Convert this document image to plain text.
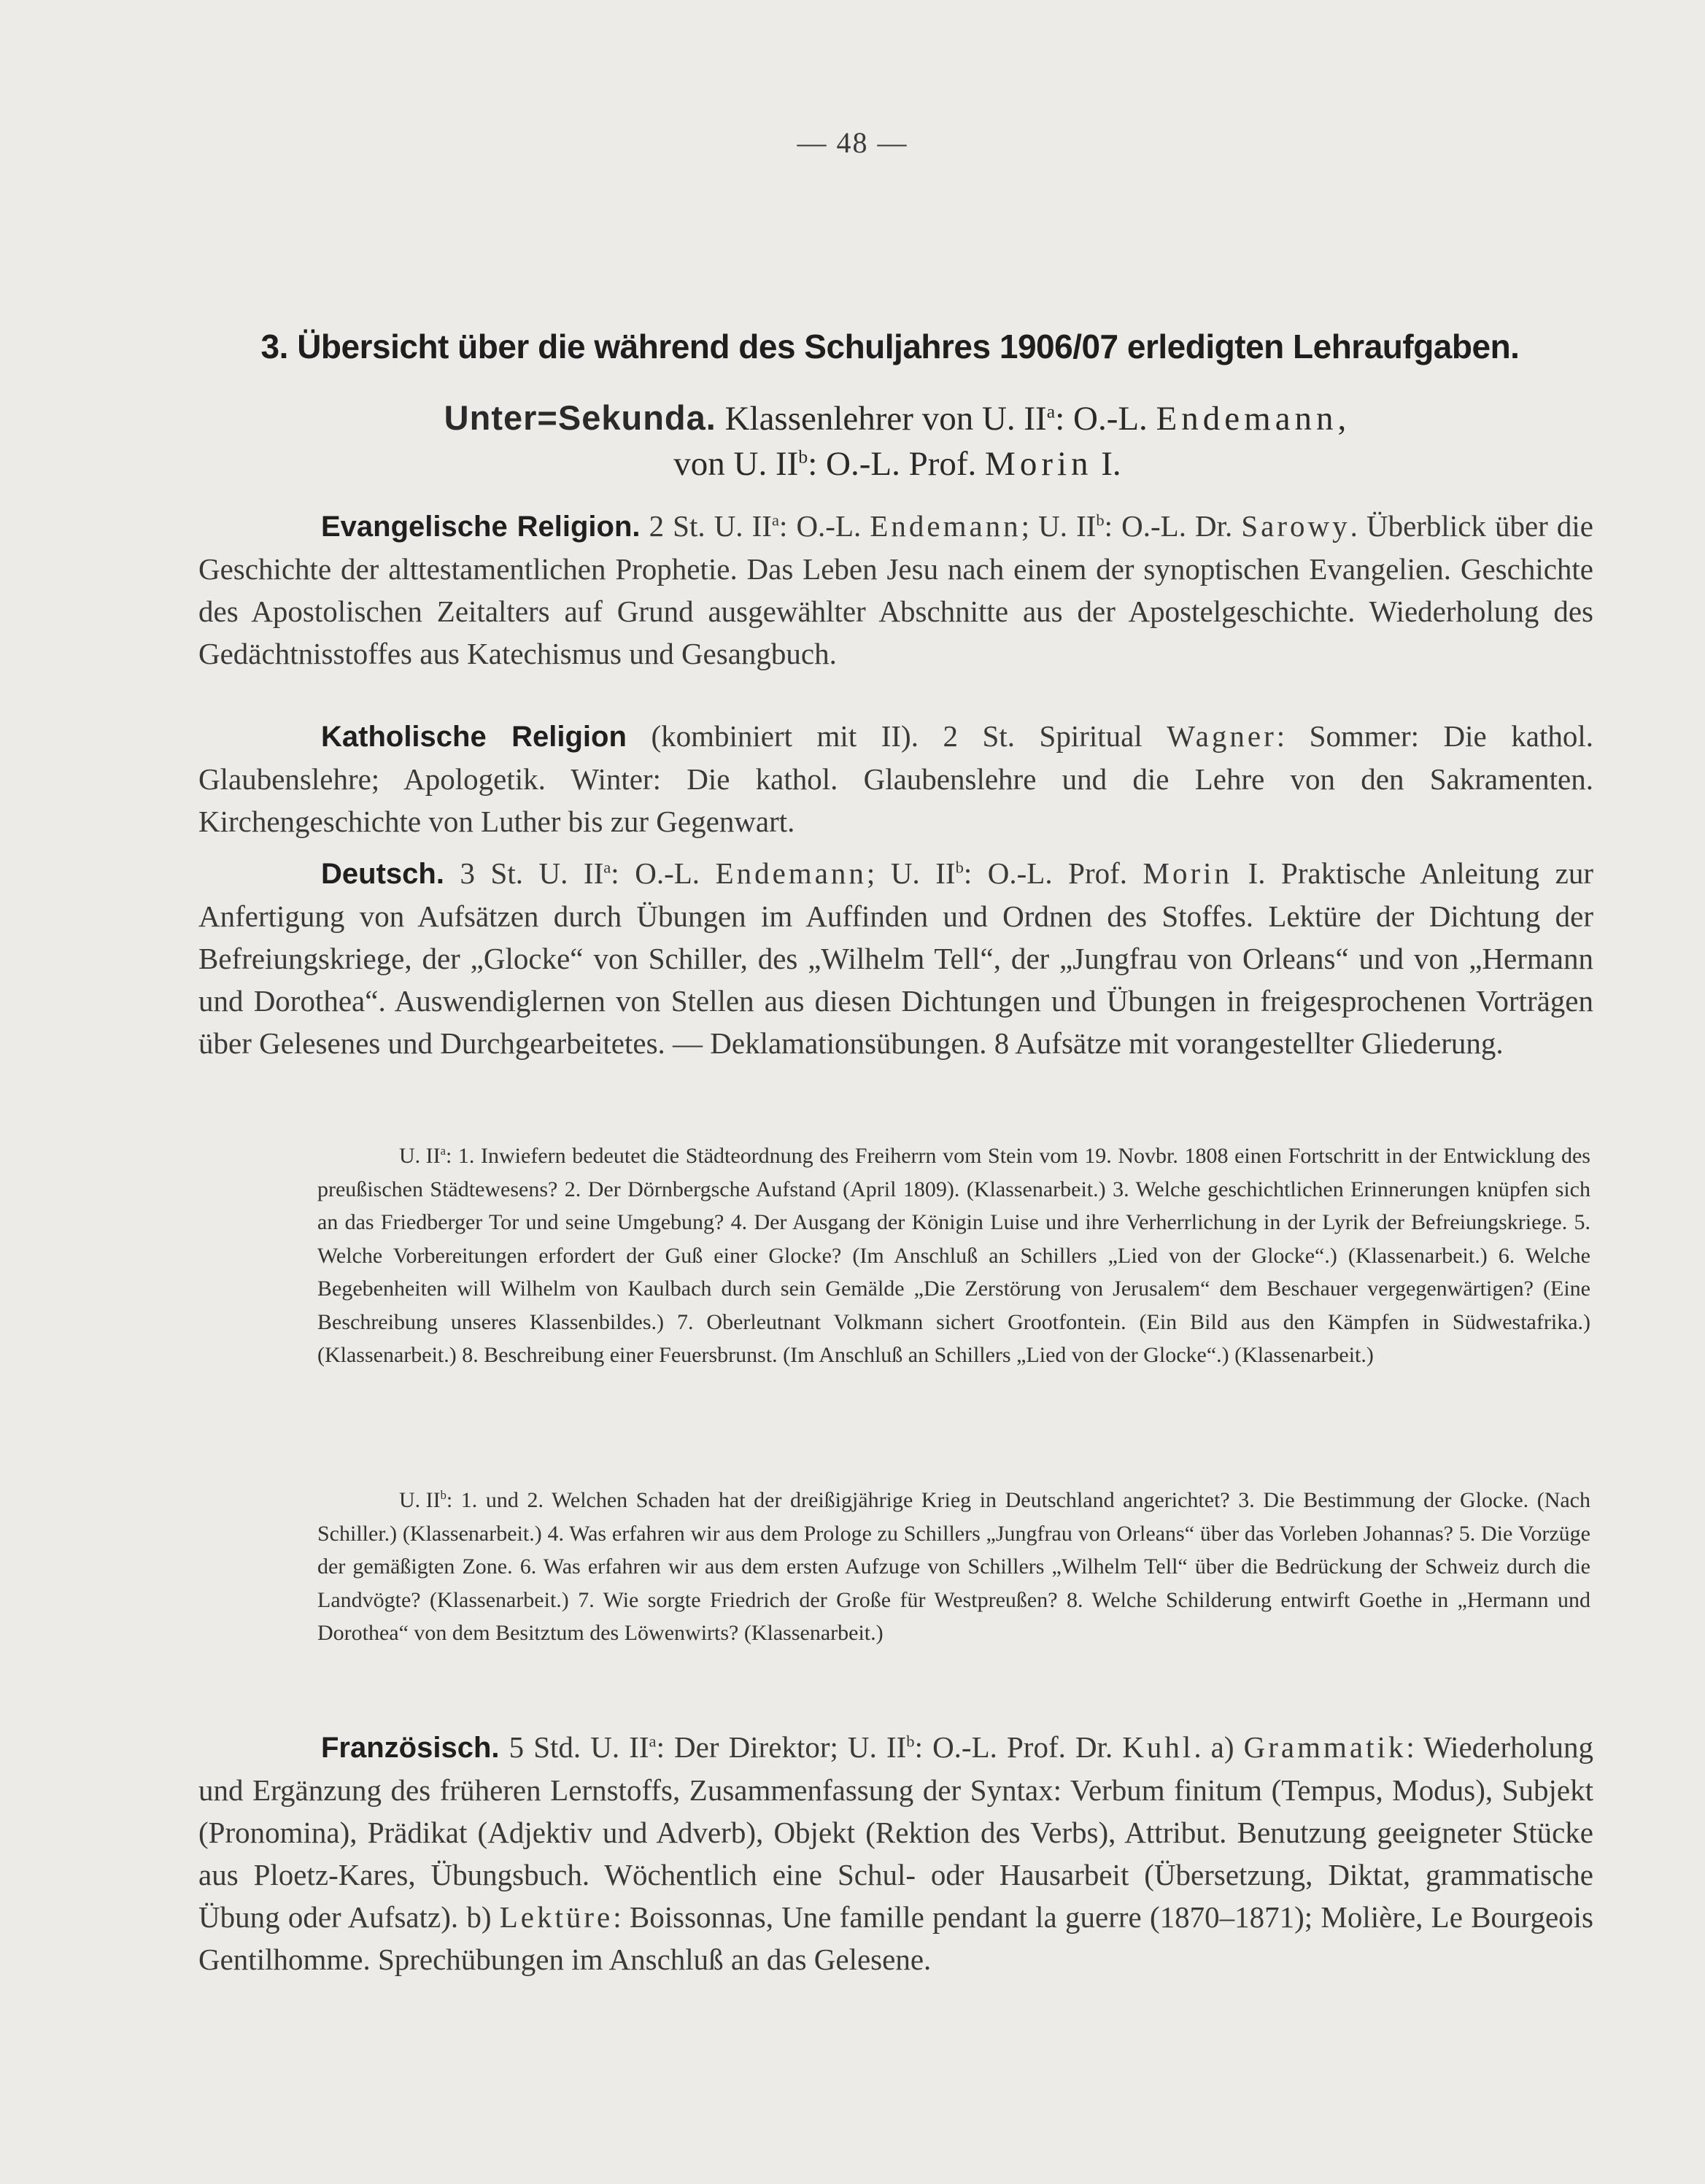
— 48 —
3. Übersicht über die während des Schuljahres 1906/07 erledigten Lehraufgaben.
Unter=Sekunda. Klassenlehrer von U. $II^a$: O.-L. Endemann,
von U. $II^b$: O.-L. Prof. Morin I.
Evangelische Religion. 2 St. U. $II^a$: O.-L. Endemann; U. $II^b$: O.-L. Dr. Sarowy. Überblick über die Geschichte der alttestamentlichen Prophetie. Das Leben Jesu nach einem der synoptischen Evangelien. Geschichte des Apostolischen Zeitalters auf Grund ausgewählter Abschnitte aus der Apostelgeschichte. Wiederholung des Gedächtnisstoffes aus Katechismus und Gesangbuch.
Katholische Religion (kombiniert mit II). 2 St. Spiritual Wagner: Sommer: Die kathol. Glaubenslehre; Apologetik. Winter: Die kathol. Glaubenslehre und die Lehre von den Sakramenten. Kirchengeschichte von Luther bis zur Gegenwart.
Deutsch. 3 St. U. $II^a$: O.-L. Endemann; U. $II^b$: O.-L. Prof. Morin I. Praktische Anleitung zur Anfertigung von Aufsätzen durch Übungen im Auffinden und Ordnen des Stoffes. Lektüre der Dichtung der Befreiungskriege, der „Glocke“ von Schiller, des „Wilhelm Tell“, der „Jungfrau von Orleans“ und von „Hermann und Dorothea“. Auswendiglernen von Stellen aus diesen Dichtungen und Übungen in freigesprochenen Vorträgen über Gelesenes und Durchgearbeitetes. — Deklamationsübungen. 8 Aufsätze mit vorangestellter Gliederung.
U. $II^a$: 1. Inwiefern bedeutet die Städteordnung des Freiherrn vom Stein vom 19. Novbr. 1808 einen Fortschritt in der Entwicklung des preußischen Städtewesens? 2. Der Dörnbergsche Aufstand (April 1809). (Klassenarbeit.) 3. Welche geschichtlichen Erinnerungen knüpfen sich an das Friedberger Tor und seine Umgebung? 4. Der Ausgang der Königin Luise und ihre Verherrlichung in der Lyrik der Befreiungskriege. 5. Welche Vorbereitungen erfordert der Guß einer Glocke? (Im Anschluß an Schillers „Lied von der Glocke“.) (Klassenarbeit.) 6. Welche Begebenheiten will Wilhelm von Kaulbach durch sein Gemälde „Die Zerstörung von Jerusalem“ dem Beschauer vergegenwärtigen? (Eine Beschreibung unseres Klassenbildes.) 7. Oberleutnant Volkmann sichert Grootfontein. (Ein Bild aus den Kämpfen in Südwestafrika.) (Klassenarbeit.) 8. Beschreibung einer Feuersbrunst. (Im Anschluß an Schillers „Lied von der Glocke“.) (Klassenarbeit.)
U. $II^b$: 1. und 2. Welchen Schaden hat der dreißigjährige Krieg in Deutschland angerichtet? 3. Die Bestimmung der Glocke. (Nach Schiller.) (Klassenarbeit.) 4. Was erfahren wir aus dem Prologe zu Schillers „Jungfrau von Orleans“ über das Vorleben Johannas? 5. Die Vorzüge der gemäßigten Zone. 6. Was erfahren wir aus dem ersten Aufzuge von Schillers „Wilhelm Tell“ über die Bedrückung der Schweiz durch die Landvögte? (Klassenarbeit.) 7. Wie sorgte Friedrich der Große für Westpreußen? 8. Welche Schilderung entwirft Goethe in „Hermann und Dorothea“ von dem Besitztum des Löwenwirts? (Klassenarbeit.)
Französisch. 5 Std. U. $II^a$: Der Direktor; U. $II^b$: O.-L. Prof. Dr. Kuhl. a) Grammatik: Wiederholung und Ergänzung des früheren Lernstoffs, Zusammenfassung der Syntax: Verbum finitum (Tempus, Modus), Subjekt (Pronomina), Prädikat (Adjektiv und Adverb), Objekt (Rektion des Verbs), Attribut. Benutzung geeigneter Stücke aus Ploetz-Kares, Übungsbuch. Wöchentlich eine Schul- oder Hausarbeit (Übersetzung, Diktat, grammatische Übung oder Aufsatz). b) Lektüre: Boissonnas, Une famille pendant la guerre (1870–1871); Molière, Le Bourgeois Gentilhomme. Sprechübungen im Anschluß an das Gelesene.
